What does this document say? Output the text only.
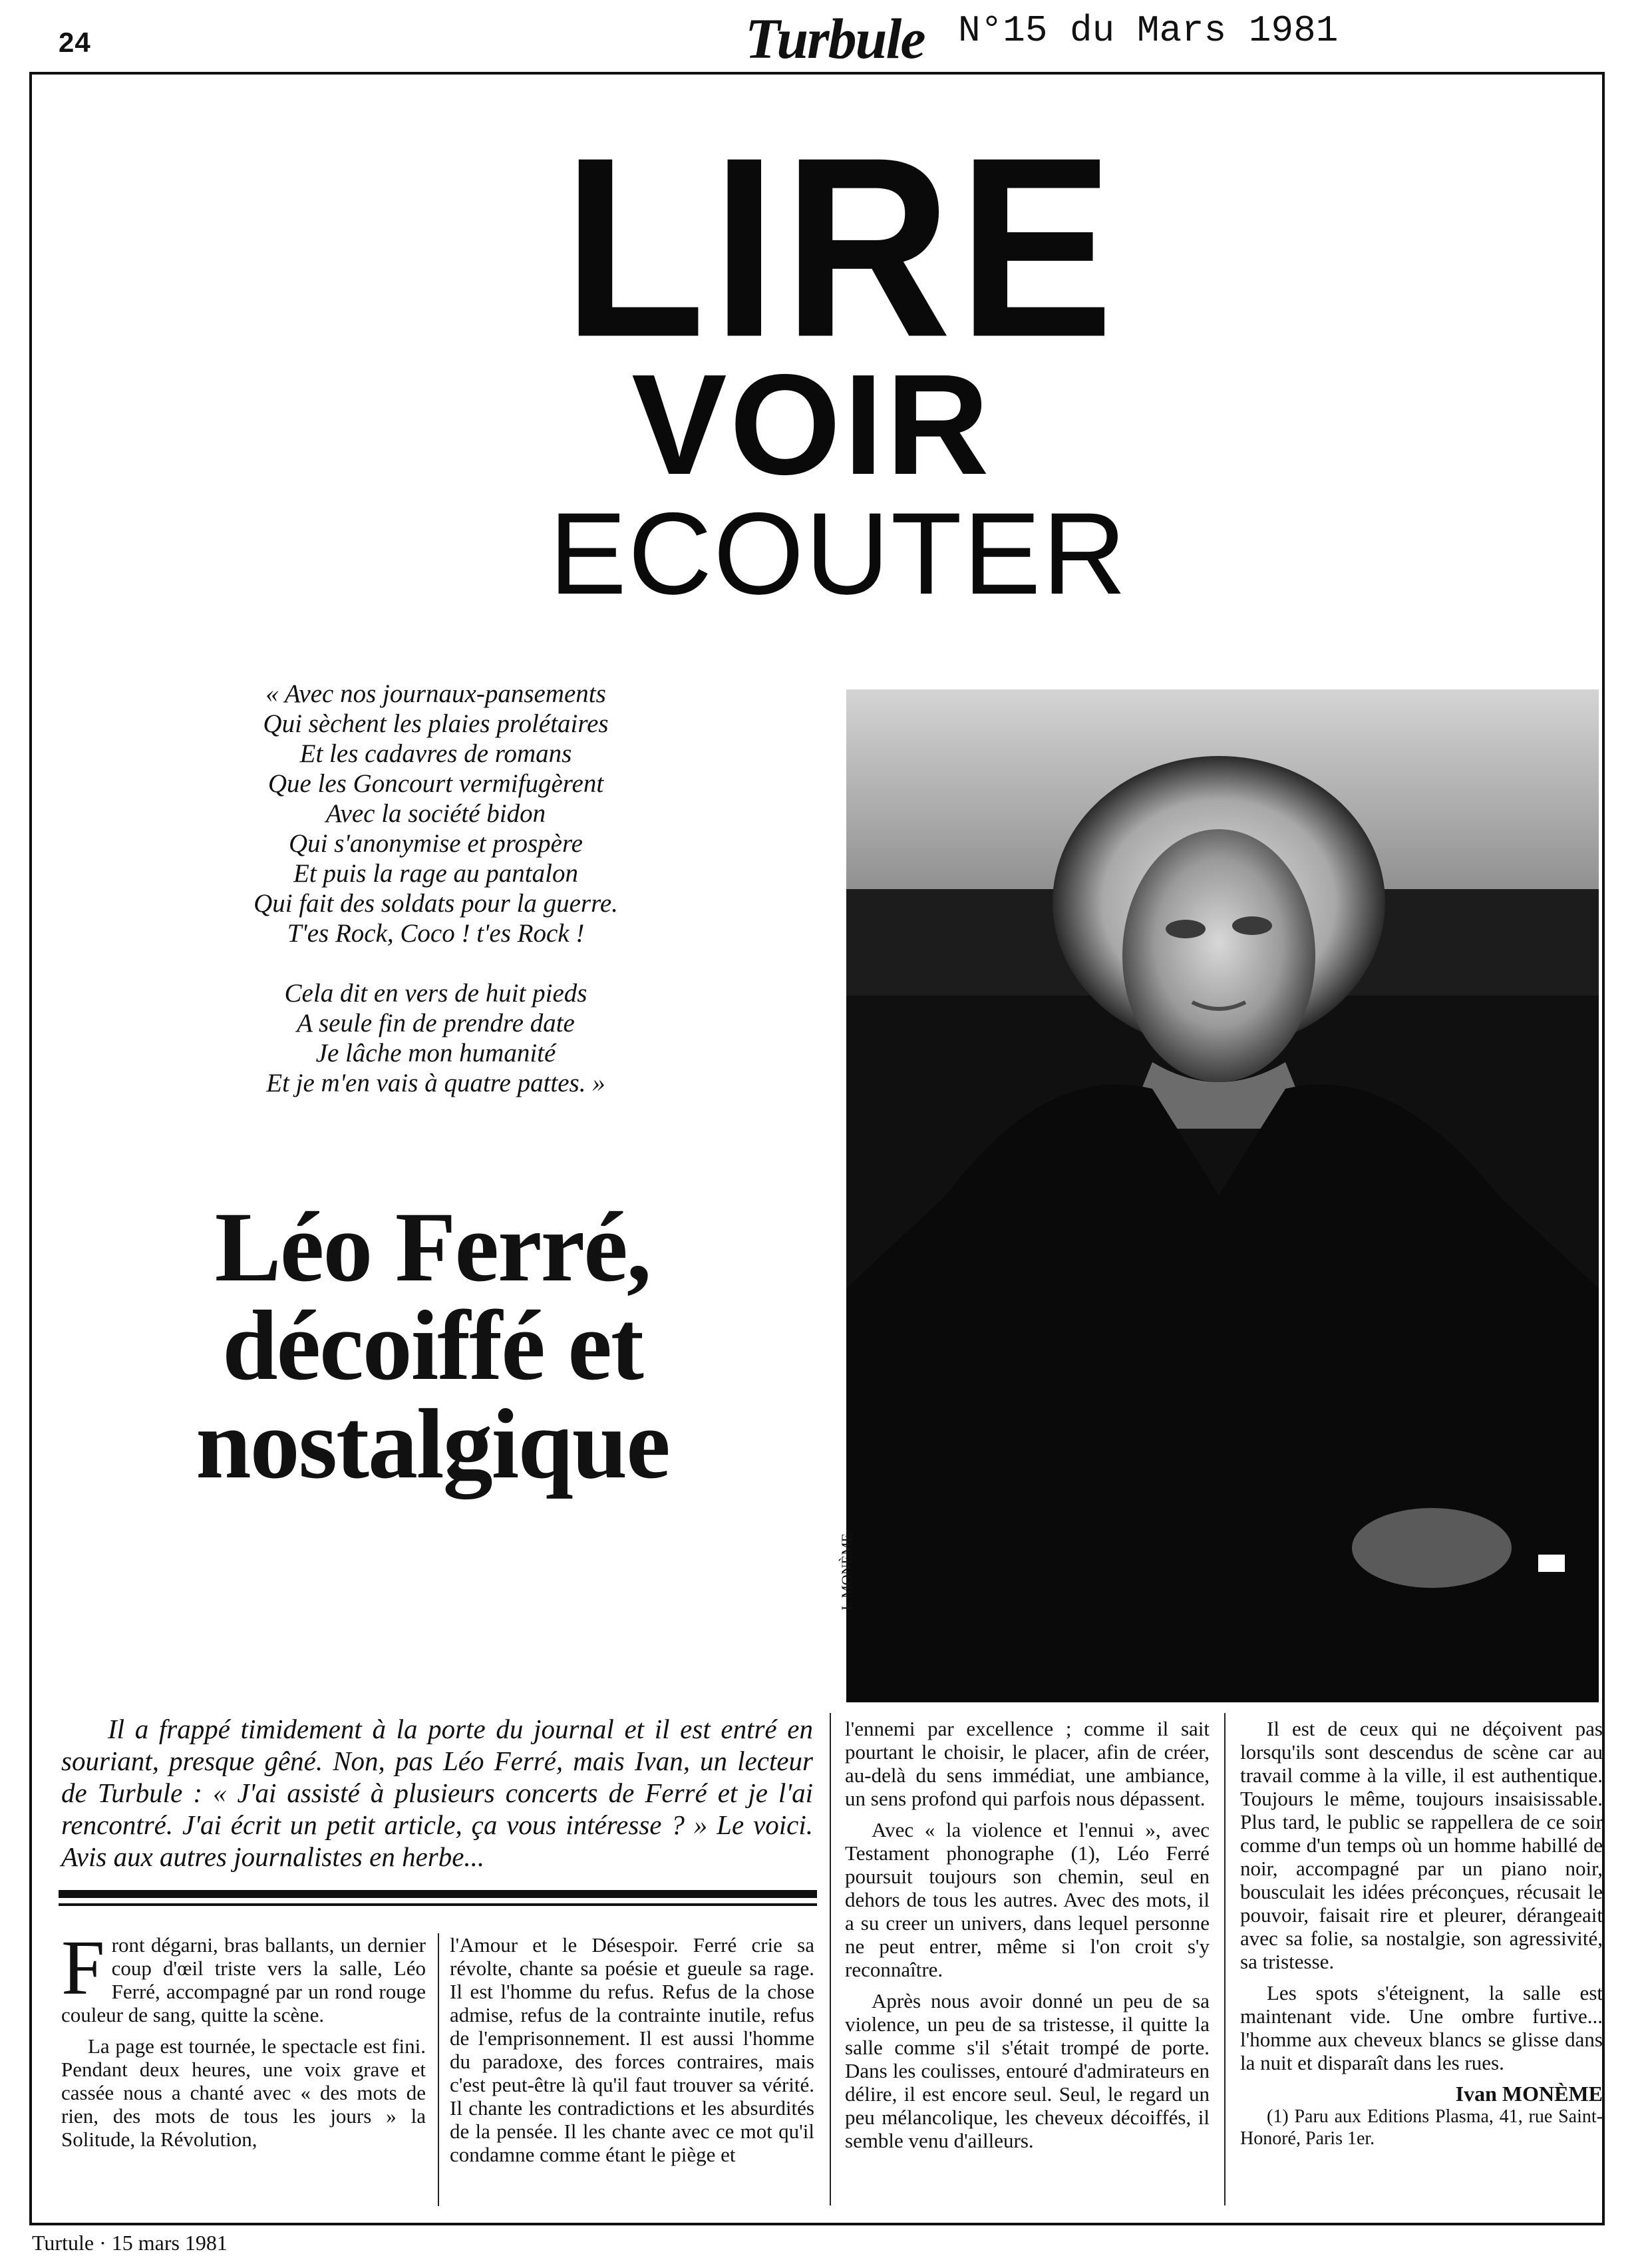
24	Turbule N°15 du Mars 1981
LIRE
VOIR
ECOUTER
« Avec nos journaux-pansements
Qui sèchent les plaies prolétaires
Et les cadavres de romans
Que les Goncourt vermifugèrent
Avec la société bidon
Qui s'anonymise et prospère
Et puis la rage au pantalon
Qui fait des soldats pour la guerre.
T'es Rock, Coco ! t'es Rock !
Cela dit en vers de huit pieds
A seule fin de prendre date
Je lâche mon humanité
Et je m'en vais à quatre pattes. »
Léo Ferré,
décoiffé et
nostalgique
I. MONÈME

Il a frappé timidement à la porte du journal et il est entré en souriant, presque gêné. Non, pas Léo Ferré, mais Ivan, un lecteur de Turbule : « J'ai assisté à plusieurs concerts de Ferré et je l'ai rencontré. J'ai écrit un petit article, ça vous intéresse ? » Le voici. Avis aux autres journalistes en herbe...

Front dégarni, bras ballants, un dernier coup d'œil triste vers la salle, Léo Ferré, accompagné par un rond rouge couleur de sang, quitte la scène.

La page est tournée, le spectacle est fini. Pendant deux heures, une voix grave et cassée nous a chanté avec « des mots de rien, des mots de tous les jours » la Solitude, la Révolution,

l'Amour et le Désespoir. Ferré crie sa révolte, chante sa poésie et gueule sa rage. Il est l'homme du refus. Refus de la chose admise, refus de la contrainte inutile, refus de l'emprisonnement. Il est aussi l'homme du paradoxe, des forces contraires, mais c'est peut-être là qu'il faut trouver sa vérité. Il chante les contradictions et les absurdités de la pensée. Il les chante avec ce mot qu'il condamne comme étant le piège et

l'ennemi par excellence ; comme il sait pourtant le choisir, le placer, afin de créer, au-delà du sens immédiat, une ambiance, un sens profond qui parfois nous dépassent.

Avec « la violence et l'ennui », avec Testament phonographe (1), Léo Ferré poursuit toujours son chemin, seul en dehors de tous les autres. Avec des mots, il a su creer un univers, dans lequel personne ne peut entrer, même si l'on croit s'y reconnaître.

Après nous avoir donné un peu de sa violence, un peu de sa tristesse, il quitte la salle comme s'il s'était trompé de porte. Dans les coulisses, entouré d'admirateurs en délire, il est encore seul. Seul, le regard un peu mélancolique, les cheveux décoiffés, il semble venu d'ailleurs.

Il est de ceux qui ne déçoivent pas lorsqu'ils sont descendus de scène car au travail comme à la ville, il est authentique. Toujours le même, toujours insaisissable. Plus tard, le public se rappellera de ce soir comme d'un temps où un homme habillé de noir, accompagné par un piano noir, bousculait les idées préconçues, récusait le pouvoir, faisait rire et pleurer, dérangeait avec sa folie, sa nostalgie, son agressivité, sa tristesse.

Les spots s'éteignent, la salle est maintenant vide. Une ombre furtive... l'homme aux cheveux blancs se glisse dans la nuit et disparaît dans les rues.

Ivan MONÈME

(1) Paru aux Editions Plasma, 41, rue Saint-Honoré, Paris 1er.

Turtule · 15 mars 1981
